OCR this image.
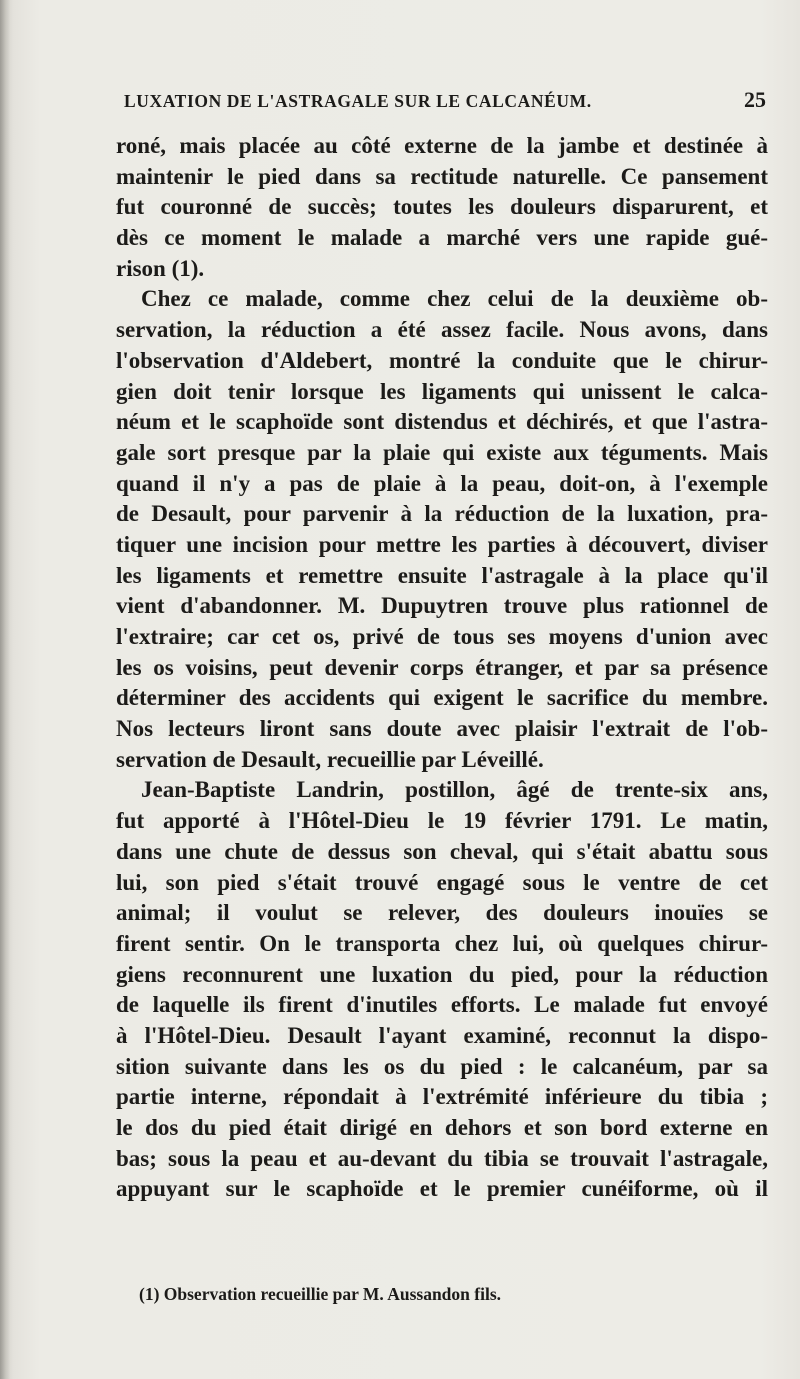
LUXATION DE L'ASTRAGALE SUR LE CALCANÉUM.	25
roné, mais placée au côté externe de la jambe et destinée à
maintenir le pied dans sa rectitude naturelle. Ce pansement
fut couronné de succès; toutes les douleurs disparurent, et
dès ce moment le malade a marché vers une rapide gué-
rison (1).
Chez ce malade, comme chez celui de la deuxième ob-
servation, la réduction a été assez facile. Nous avons, dans
l'observation d'Aldebert, montré la conduite que le chirur-
gien doit tenir lorsque les ligaments qui unissent le calca-
néum et le scaphoïde sont distendus et déchirés, et que l'astra-
gale sort presque par la plaie qui existe aux téguments. Mais
quand il n'y a pas de plaie à la peau, doit-on, à l'exemple
de Desault, pour parvenir à la réduction de la luxation, pra-
tiquer une incision pour mettre les parties à découvert, diviser
les ligaments et remettre ensuite l'astragale à la place qu'il
vient d'abandonner. M. Dupuytren trouve plus rationnel de
l'extraire; car cet os, privé de tous ses moyens d'union avec
les os voisins, peut devenir corps étranger, et par sa présence
déterminer des accidents qui exigent le sacrifice du membre.
Nos lecteurs liront sans doute avec plaisir l'extrait de l'ob-
servation de Desault, recueillie par Léveillé.
Jean-Baptiste Landrin, postillon, âgé de trente-six ans,
fut apporté à l'Hôtel-Dieu le 19 février 1791. Le matin,
dans une chute de dessus son cheval, qui s'était abattu sous
lui, son pied s'était trouvé engagé sous le ventre de cet
animal; il voulut se relever, des douleurs inouïes se
firent sentir. On le transporta chez lui, où quelques chirur-
giens reconnurent une luxation du pied, pour la réduction
de laquelle ils firent d'inutiles efforts. Le malade fut envoyé
à l'Hôtel-Dieu. Desault l'ayant examiné, reconnut la dispo-
sition suivante dans les os du pied : le calcanéum, par sa
partie interne, répondait à l'extrémité inférieure du tibia ;
le dos du pied était dirigé en dehors et son bord externe en
bas; sous la peau et au-devant du tibia se trouvait l'astragale,
appuyant sur le scaphoïde et le premier cunéiforme, où il
(1) Observation recueillie par M. Aussandon fils.
